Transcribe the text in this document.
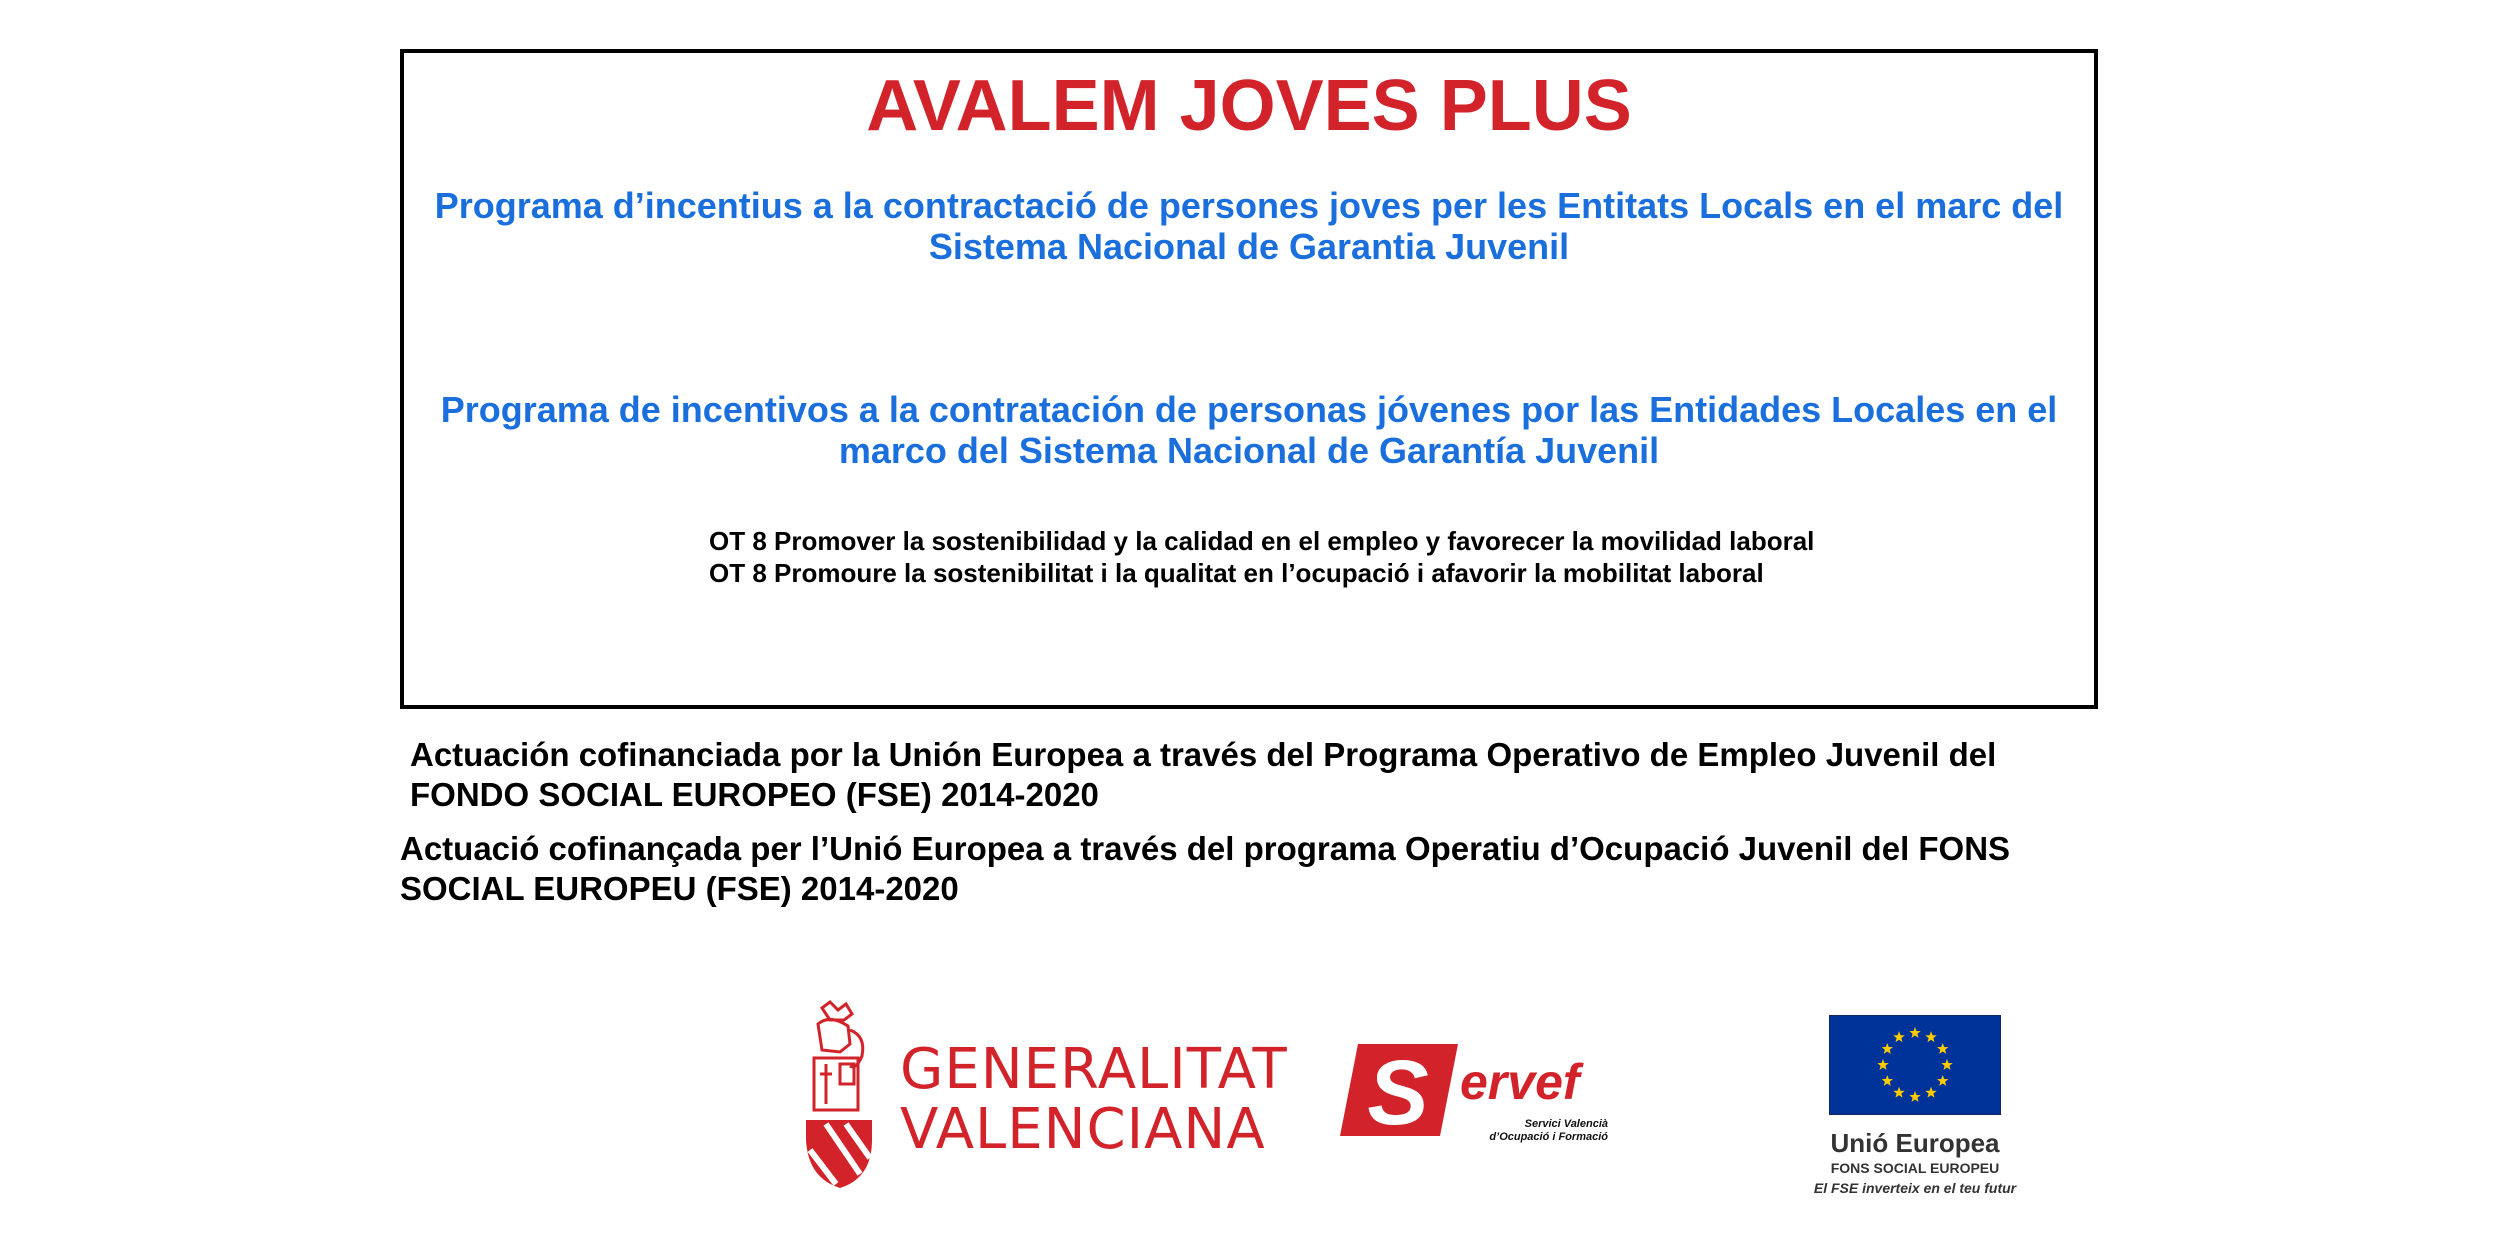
AVALEM JOVES PLUS
Programa d’incentius a la contractació de persones joves per les Entitats Locals en el marc del Sistema Nacional de Garantia Juvenil
Programa de incentivos a la contratación de personas jóvenes por las Entidades Locales en el marco del Sistema Nacional de Garantía Juvenil
OT 8 Promover la sostenibilidad y la calidad en el empleo y favorecer la movilidad laboral
OT 8 Promoure la sostenibilitat i la qualitat en l’ocupació i afavorir la mobilitat laboral
Actuación cofinanciada por la Unión Europea a través del Programa Operativo de Empleo Juvenil del FONDO SOCIAL EUROPEO (FSE) 2014-2020
Actuació cofinançada per l’Unió Europea a través del programa Operatiu d’Ocupació Juvenil del FONS SOCIAL EUROPEU (FSE) 2014-2020
GENERALITAT
VALENCIANA S ervef
Servici Valencià
d’Ocupació i Formació	Unió Europea
FONS SOCIAL EUROPEU
El FSE inverteix en el teu futur
